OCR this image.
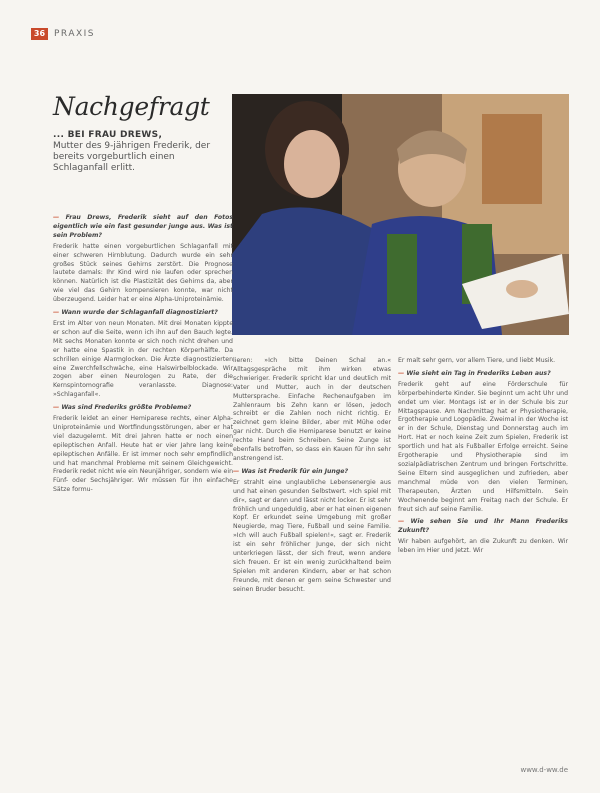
36 PRAXIS
Nachgefragt
... BEI FRAU DREWS,
Mutter des 9-jährigen Frederik, der bereits vorgeburtlich einen Schlaganfall erlitt.

— Frau Drews, Frederik sieht auf den Fotos eigentlich wie ein fast gesunder junge aus. Was ist sein Problem?

Frederik hatte einen vorgeburtlichen Schlaganfall mit einer schweren Hirnblutung. Dadurch wurde ein sehr großes Stück seines Gehirns zerstört. Die Prognose lautete damals: Ihr Kind wird nie laufen oder sprechen können. Natürlich ist die Plastizität des Gehirns da, aber wie viel das Gehirn kompensieren konnte, war nicht überzeugend. Leider hat er eine Alpha-Uniproteinämie.

— Wann wurde der Schlaganfall diagnostiziert?

Erst im Alter von neun Monaten. Mit drei Monaten kippte er schon auf die Seite, wenn ich ihn auf den Bauch legte. Mit sechs Monaten konnte er sich noch nicht drehen und er hatte eine Spastik in der rechten Körperhälfte. Da schrillen einige Alarmglocken. Die Ärzte diagnostizierten eine Zwerchfellschwäche, eine Halswirbelblockade. Wir zogen aber einen Neurologen zu Rate, der die Kernspintomografie veranlasste. Diagnose: »Schlaganfall«.

— Was sind Frederiks größte Probleme?

Frederik leidet an einer Hemiparese rechts, einer Alpha-Uniproteinämie und Wortfindungsstörungen, aber er hat viel dazugelernt. Mit drei Jahren hatte er noch einen epileptischen Anfall. Heute hat er vier Jahre lang keine epileptischen Anfälle. Er ist immer noch sehr empfindlich und hat manchmal Probleme mit seinem Gleichgewicht. Frederik redet nicht wie ein Neunjähriger, sondern wie ein Fünf- oder Sechsjähriger. Wir müssen für ihn einfache Sätze formu-

lieren: »Ich bitte Deinen Schal an.« Alltagsgespräche mit ihm wirken etwas schwieriger. Frederik spricht klar und deutlich mit Vater und Mutter, auch in der deutschen Muttersprache. Einfache Rechenaufgaben im Zahlenraum bis Zehn kann er lösen, jedoch schreibt er die Zahlen noch nicht richtig. Er zeichnet gern kleine Bilder, aber mit Mühe oder gar nicht. Durch die Hemiparese benutzt er keine rechte Hand beim Schreiben. Seine Zunge ist ebenfalls betroffen, so dass ein Kauen für ihn sehr anstrengend ist.

— Was ist Frederik für ein Junge?

Er strahlt eine unglaubliche Lebensenergie aus und hat einen gesunden Selbstwert. »Ich spiel mit dir«, sagt er dann und lässt nicht locker. Er ist sehr fröhlich und ungeduldig, aber er hat einen eigenen Kopf. Er erkundet seine Umgebung mit großer Neugierde, mag Tiere, Fußball und seine Familie. »Ich will auch Fußball spielen!«, sagt er. Frederik ist ein sehr fröhlicher Junge, der sich nicht unterkriegen lässt, der sich freut, wenn andere sich freuen. Er ist ein wenig zurückhaltend beim Spielen mit anderen Kindern, aber er hat schon Freunde, mit denen er gern seine Schwester und seinen Bruder besucht.

Er malt sehr gern, vor allem Tiere, und liebt Musik.

— Wie sieht ein Tag in Frederiks Leben aus?

Frederik geht auf eine Förderschule für körperbehinderte Kinder. Sie beginnt um acht Uhr und endet um vier. Montags ist er in der Schule bis zur Mittagspause. Am Nachmittag hat er Physiotherapie, Ergotherapie und Logopädie. Zweimal in der Woche ist er in der Schule, Dienstag und Donnerstag auch im Hort. Hat er noch keine Zeit zum Spielen, Frederik ist sportlich und hat als Fußballer Erfolge erreicht. Seine Ergotherapie und Physiotherapie sind im sozialpädiatrischen Zentrum und bringen Fortschritte. Seine Eltern sind ausgeglichen und zufrieden, aber manchmal müde von den vielen Terminen, Therapeuten, Ärzten und Hilfsmitteln. Sein Wochenende beginnt am Freitag nach der Schule. Er freut sich auf seine Familie.

— Wie sehen Sie und Ihr Mann Frederiks Zukunft?

Wir haben aufgehört, an die Zukunft zu denken. Wir leben im Hier und Jetzt. Wir

www.d-ww.de
